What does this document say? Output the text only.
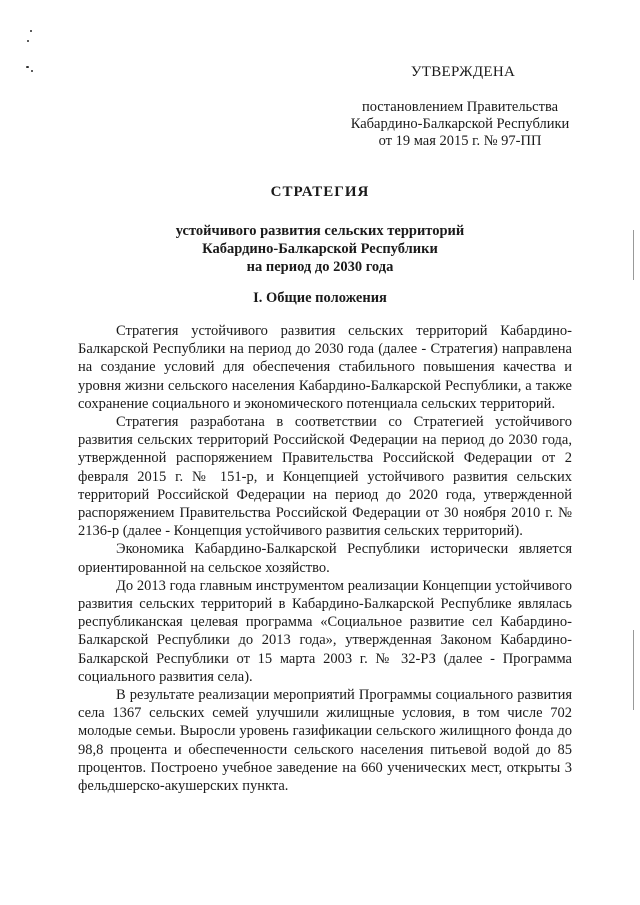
УТВЕРЖДЕНА
постановлением Правительства
Кабардино-Балкарской Республики
от 19 мая 2015 г. № 97-ПП
СТРАТЕГИЯ
устойчивого развития сельских территорий
Кабардино-Балкарской Республики
на период до 2030 года
I. Общие положения

Стратегия устойчивого развития сельских территорий Кабардино-Балкарской Республики на период до 2030 года (далее - Стратегия) направлена на создание условий для обеспечения стабильного повышения качества и уровня жизни сельского населения Кабардино-Балкарской Республики, а также сохранение социального и экономического потенциала сельских территорий.

Стратегия разработана в соответствии со Стратегией устойчивого развития сельских территорий Российской Федерации на период до 2030 года, утвержденной распоряжением Правительства Российской Федерации от 2 февраля 2015 г. № 151-р, и Концепцией устойчивого развития сельских территорий Российской Федерации на период до 2020 года, утвержденной распоряжением Правительства Российской Федерации от 30 ноября 2010 г. № 2136-р (далее - Концепция устойчивого развития сельских территорий).

Экономика Кабардино-Балкарской Республики исторически является ориентированной на сельское хозяйство.

До 2013 года главным инструментом реализации Концепции устойчивого развития сельских территорий в Кабардино-Балкарской Республике являлась республиканская целевая программа «Социальное развитие сел Кабардино-Балкарской Республики до 2013 года», утвержденная Законом Кабардино-Балкарской Республики от 15 марта 2003 г. № 32-РЗ (далее - Программа социального развития села).

В результате реализации мероприятий Программы социального развития села 1367 сельских семей улучшили жилищные условия, в том числе 702 молодые семьи. Выросли уровень газификации сельского жилищного фонда до 98,8 процента и обеспеченности сельского населения питьевой водой до 85 процентов. Построено учебное заведение на 660 ученических мест, открыты 3 фельдшерско-акушерских пункта.
